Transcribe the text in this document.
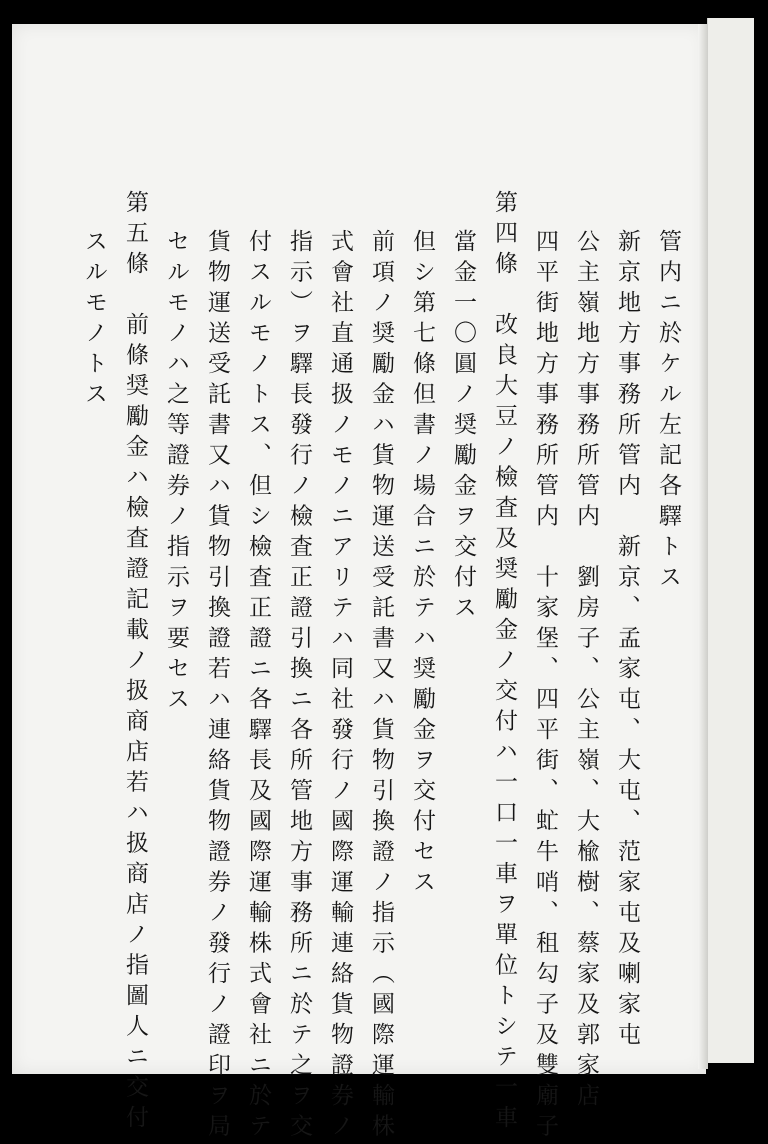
管内ニ於ケル左記各驛トス
新京地方事務所管内　新京、孟家屯、大屯、范家屯及喇家屯
公主嶺地方事務所管内　劉房子、公主嶺、大楡樹、蔡家及郭家店
四平街地方事務所管内　十家堡、四平街、虻牛哨、租勾子及雙廟子
第四條　改良大豆ノ檢査及奨勵金ノ交付ハ一口一車ヲ單位トシテ一車
當金一〇圓ノ奨勵金ヲ交付ス
但シ第七條但書ノ場合ニ於テハ奨勵金ヲ交付セス
前項ノ奨勵金ハ貨物運送受託書又ハ貨物引換證ノ指示（國際運輸株
式會社直通扱ノモノニアリテハ同社發行ノ國際運輸連絡貨物證券ノ
指示）ヲ驛長發行ノ檢査正證引換ニ各所管地方事務所ニ於テ之ヲ交
付スルモノトス、但シ檢査正證ニ各驛長及國際運輸株式會社ニ於テ
貨物運送受託書又ハ貨物引換證若ハ連絡貨物證券ノ發行ノ證印ヲ局
セルモノハ之等證券ノ指示ヲ要セス
第五條　前條奨勵金ハ檢査證記載ノ扱商店若ハ扱商店ノ指圖人ニ交付
スルモノトス
